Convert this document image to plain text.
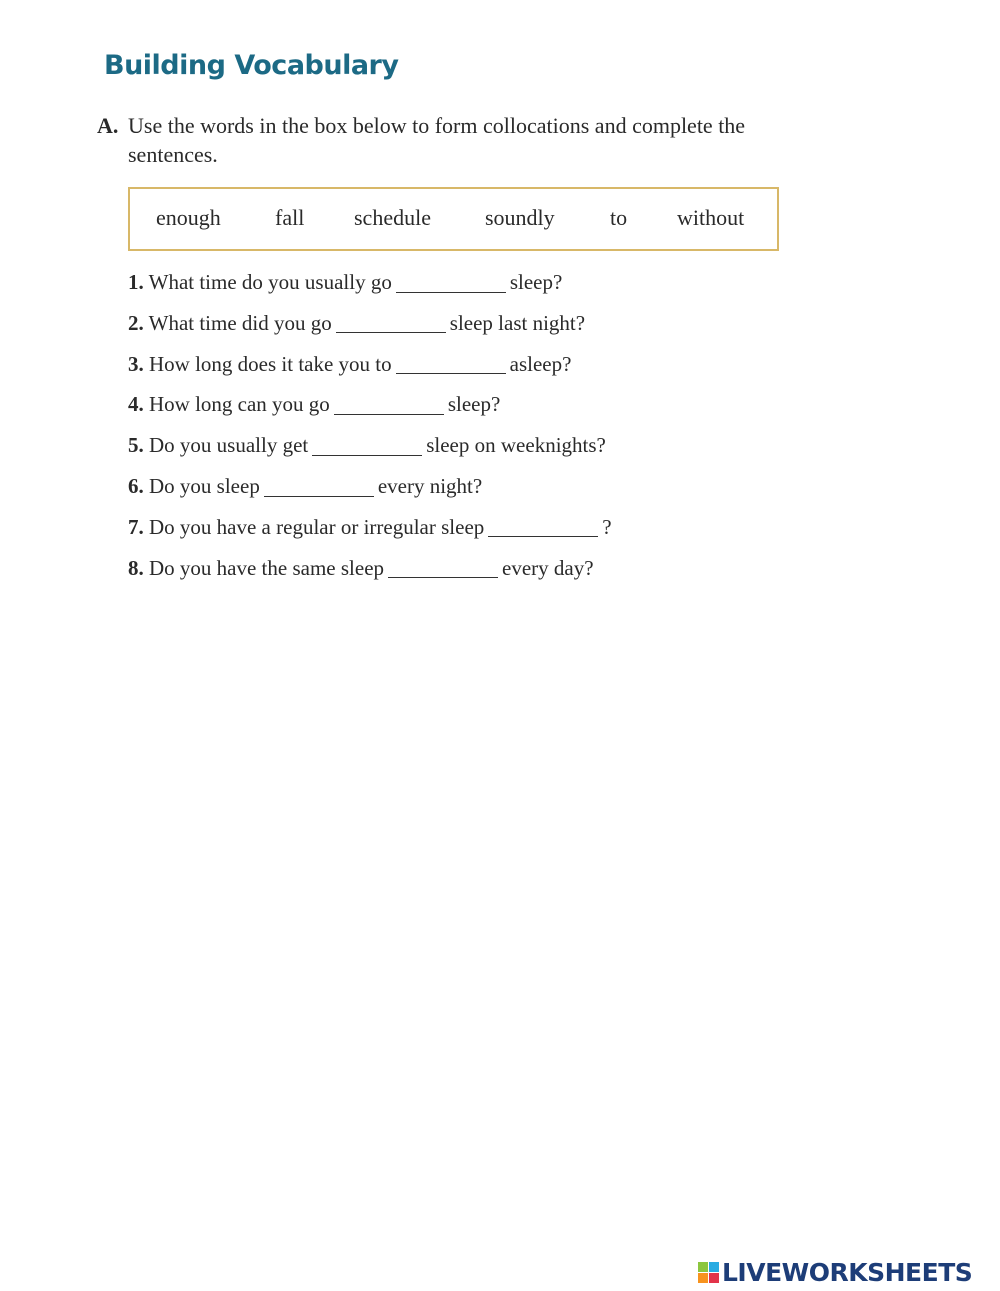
Building Vocabulary
A. Use the words in the box below to form collocations and complete the
sentences.
enough fall schedule soundly	to without
1. What time do you usually go	sleep?
2. What time did you go	sleep last night?
3. How long does it take you to	asleep?
4. How long can you go	sleep?
5. Do you usually get	sleep on weeknights?
6. Do you sleep	every night?
7. Do you have a regular or irregular sleep	?
8. Do you have the same sleep	every day?
LIVEWORKSHEETS
